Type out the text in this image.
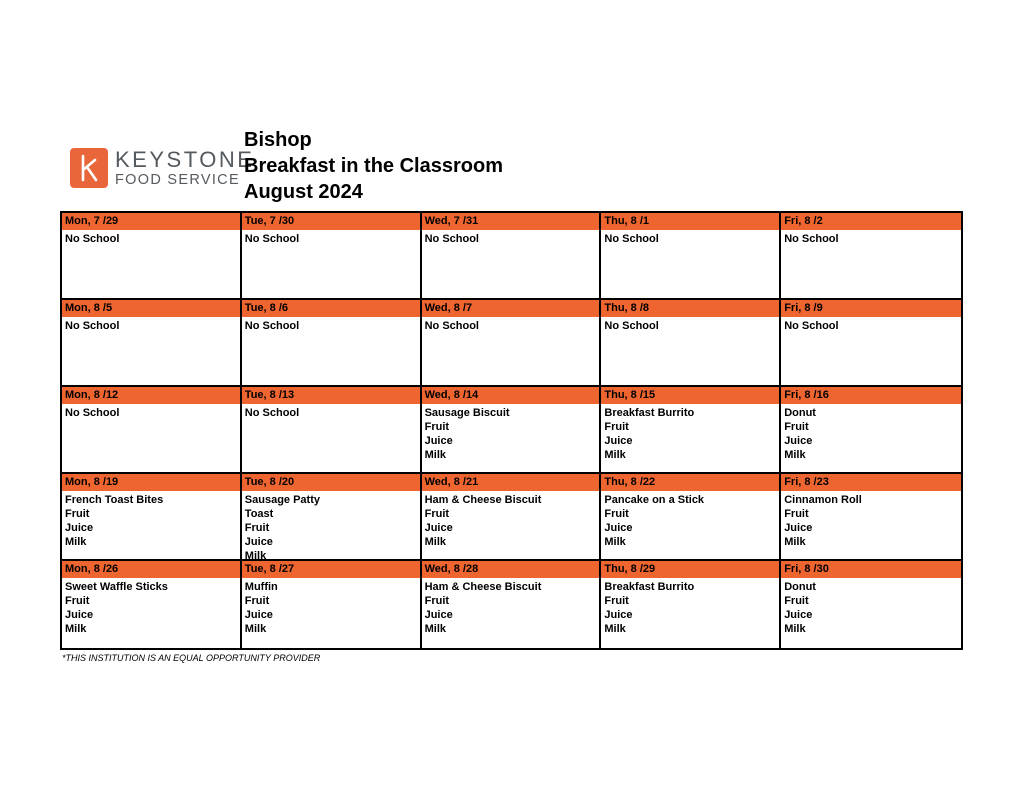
KEYSTONE
FOOD SERVICE
Bishop
Breakfast in the Classroom
August 2024
Mon, 7 /29
No School
Tue, 7 /30
No School
Wed, 7 /31
No School
Thu, 8 /1
No School
Fri, 8 /2
No School
Mon, 8 /5
No School
Tue, 8 /6
No School
Wed, 8 /7
No School
Thu, 8 /8
No School
Fri, 8 /9
No School
Mon, 8 /12
No School
Tue, 8 /13
No School
Wed, 8 /14
Sausage Biscuit
Fruit
Juice
Milk
Thu, 8 /15
Breakfast Burrito
Fruit
Juice
Milk
Fri, 8 /16
Donut
Fruit
Juice
Milk
Mon, 8 /19
French Toast Bites
Fruit
Juice
Milk
Tue, 8 /20
Sausage Patty
Toast
Fruit
Juice
Milk
Wed, 8 /21
Ham & Cheese Biscuit
Fruit
Juice
Milk
Thu, 8 /22
Pancake on a Stick
Fruit
Juice
Milk
Fri, 8 /23
Cinnamon Roll
Fruit
Juice
Milk
Mon, 8 /26
Sweet Waffle Sticks
Fruit
Juice
Milk
Tue, 8 /27
Muffin
Fruit
Juice
Milk
Wed, 8 /28
Ham & Cheese Biscuit
Fruit
Juice
Milk
Thu, 8 /29
Breakfast Burrito
Fruit
Juice
Milk
Fri, 8 /30
Donut
Fruit
Juice
Milk
*THIS INSTITUTION IS AN EQUAL OPPORTUNITY PROVIDER
